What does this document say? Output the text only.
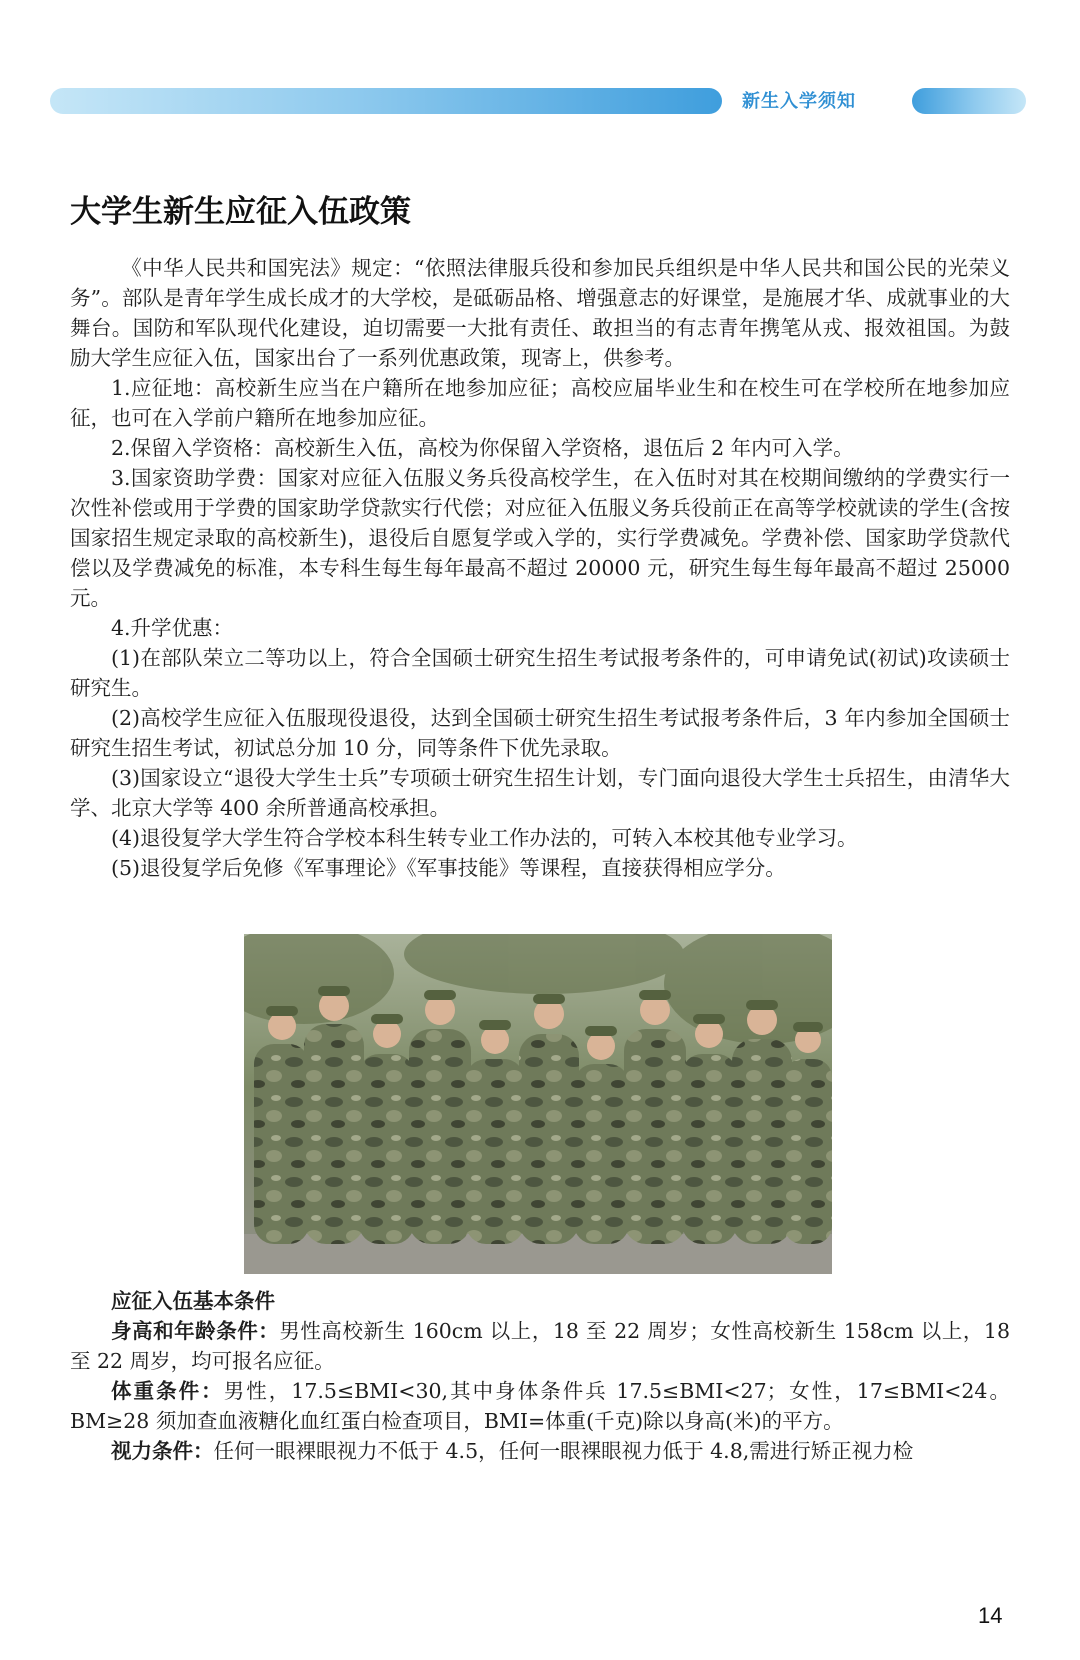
新生入学须知
大学生新生应征入伍政策

《中华人民共和国宪法》规定：“依照法律服兵役和参加民兵组织是中华人民共和国公民的光荣义务”。部队是青年学生成长成才的大学校，是砥砺品格、增强意志的好课堂，是施展才华、成就事业的大舞台。国防和军队现代化建设，迫切需要一大批有责任、敢担当的有志青年携笔从戎、报效祖国。为鼓励大学生应征入伍，国家出台了一系列优惠政策，现寄上，供参考。

1.应征地：高校新生应当在户籍所在地参加应征；高校应届毕业生和在校生可在学校所在地参加应征，也可在入学前户籍所在地参加应征。

2.保留入学资格：高校新生入伍，高校为你保留入学资格，退伍后 2 年内可入学。

3.国家资助学费：国家对应征入伍服义务兵役高校学生，在入伍时对其在校期间缴纳的学费实行一次性补偿或用于学费的国家助学贷款实行代偿；对应征入伍服义务兵役前正在高等学校就读的学生(含按国家招生规定录取的高校新生)，退役后自愿复学或入学的，实行学费减免。学费补偿、国家助学贷款代偿以及学费减免的标准，本专科生每生每年最高不超过 20000 元，研究生每生每年最高不超过 25000 元。

4.升学优惠：

(1)在部队荣立二等功以上，符合全国硕士研究生招生考试报考条件的，可申请免试(初试)攻读硕士研究生。

(2)高校学生应征入伍服现役退役，达到全国硕士研究生招生考试报考条件后，3 年内参加全国硕士研究生招生考试，初试总分加 10 分，同等条件下优先录取。

(3)国家设立“退役大学生士兵”专项硕士研究生招生计划，专门面向退役大学生士兵招生，由清华大学、北京大学等 400 余所普通高校承担。

(4)退役复学大学生符合学校本科生转专业工作办法的，可转入本校其他专业学习。

(5)退役复学后免修《军事理论》《军事技能》等课程，直接获得相应学分。

应征入伍基本条件

身高和年龄条件：男性高校新生 160cm 以上，18 至 22 周岁；女性高校新生 158cm 以上，18 至 22 周岁，均可报名应征。

体重条件：男性，17.5≤BMI<30,其中身体条件兵 17.5≤BMI<27；女性，17≤BMI<24。BM≥28 须加查血液糖化血红蛋白检查项目，BMI=体重(千克)除以身高(米)的平方。

视力条件：任何一眼裸眼视力不低于 4.5，任何一眼裸眼视力低于 4.8,需进行矫正视力检

14
